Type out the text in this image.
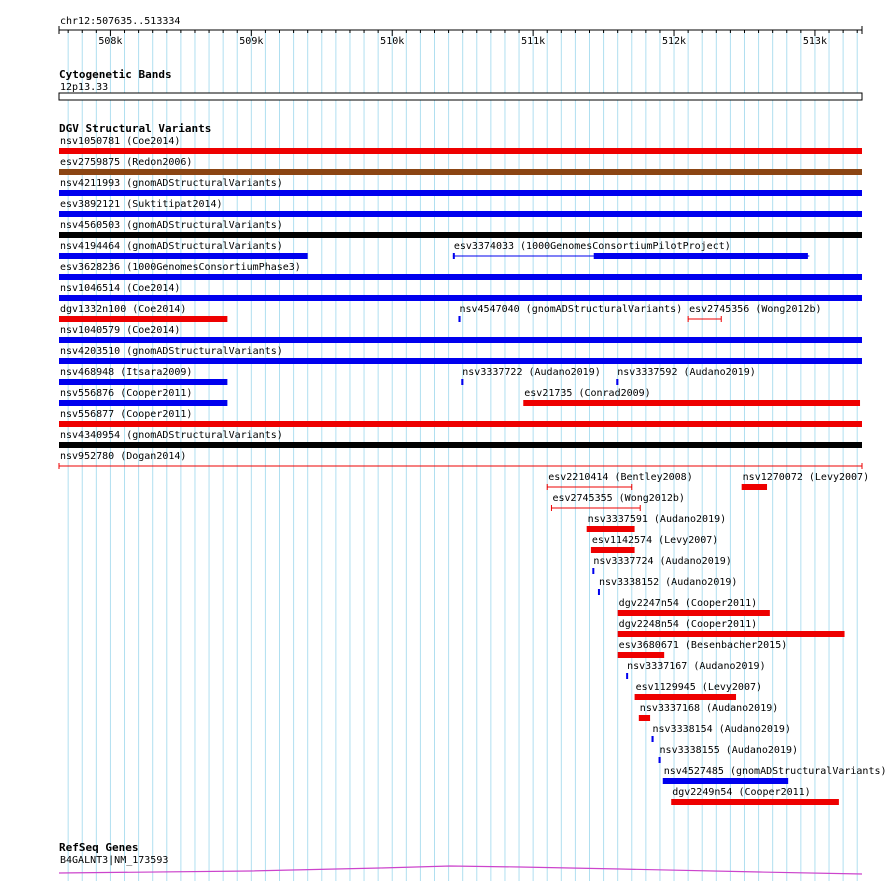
chr12:507635..513334
508k	509k	510k	511k	512k	513k
Cytogenetic Bands
12p13.33
DGV Structural Variants
nsv1050781 (Coe2014)
esv2759875 (Redon2006)
nsv4211993 (gnomADStructuralVariants)
esv3892121 (Suktitipat2014)
nsv4560503 (gnomADStructuralVariants)
nsv4194464 (gnomADStructuralVariants)	esv3374033 (1000GenomesConsortiumPilotProject)
esv3628236 (1000GenomesConsortiumPhase3)
nsv1046514 (Coe2014)
dgv1332n100 (Coe2014)	nsv4547040 (gnomADStructuralVariants) esv2745356 (Wong2012b)
nsv1040579 (Coe2014)
nsv4203510 (gnomADStructuralVariants)
nsv468948 (Itsara2009)	nsv3337722 (Audano2019) nsv3337592 (Audano2019)
nsv556876 (Cooper2011)	esv21735 (Conrad2009)
nsv556877 (Cooper2011)
nsv4340954 (gnomADStructuralVariants)
nsv952780 (Dogan2014)
esv2210414 (Bentley2008)	nsv1270072 (Levy2007)
esv2745355 (Wong2012b)
nsv3337591 (Audano2019)
esv1142574 (Levy2007)
nsv3337724 (Audano2019)
nsv3338152 (Audano2019)
dgv2247n54 (Cooper2011)
dgv2248n54 (Cooper2011)
esv3680671 (Besenbacher2015)
nsv3337167 (Audano2019)
esv1129945 (Levy2007)
nsv3337168 (Audano2019)
nsv3338154 (Audano2019)
nsv3338155 (Audano2019)
nsv4527485 (gnomADStructuralVariants)
dgv2249n54 (Cooper2011)
RefSeq Genes
B4GALNT3|NM_173593
